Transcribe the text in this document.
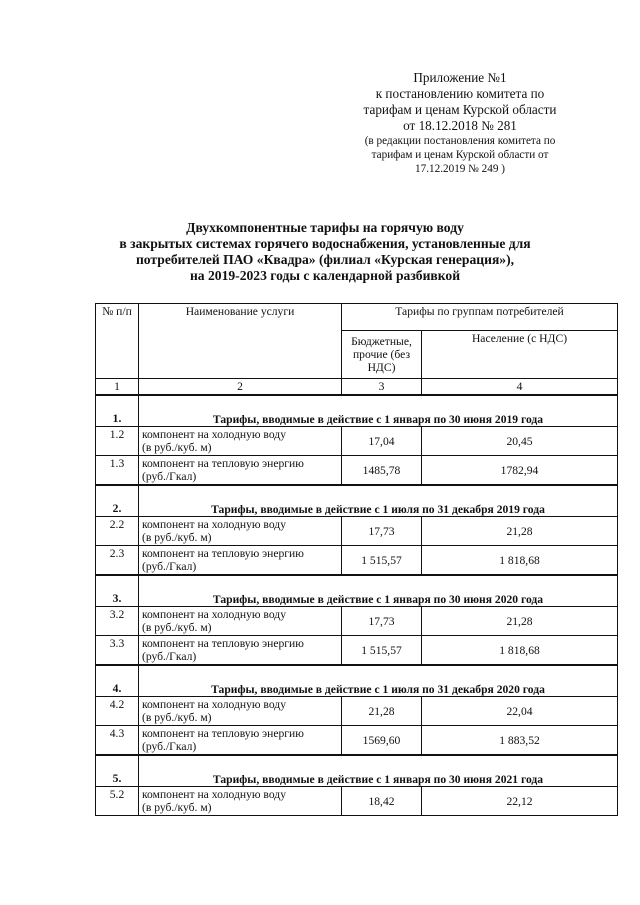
Приложение №1
к постановлению комитета по
тарифам и ценам Курской области
от 18.12.2018 № 281
(в редакции постановления комитета по
тарифам и ценам Курской области от
17.12.2019 № 249 )
Двухкомпонентные тарифы на горячую воду
в закрытых системах горячего водоснабжения, установленные для
потребителей ПАО «Квадра» (филиал «Курская генерация»),
на 2019-2023 годы с календарной разбивкой
№ п/п	Наименование услуги	Тарифы по группам потребителей	
		Бюджетные, прочие (без НДС)	Население (с НДС)
1	2	3	4
1.	Тарифы, вводимые в действие с 1 января по 30 июня 2019 года		
1.2	компонент на холодную воду
(в руб./куб. м)	17,04	20,45
1.3	компонент на тепловую энергию
(руб./Гкал)	1485,78	1782,94
2.	Тарифы, вводимые в действие с 1 июля по 31 декабря 2019 года		
2.2	компонент на холодную воду
(в руб./куб. м)	17,73	21,28
2.3	компонент на тепловую энергию
(руб./Гкал)	1 515,57	1 818,68
3.	Тарифы, вводимые в действие с 1 января по 30 июня 2020 года		
3.2	компонент на холодную воду
(в руб./куб. м)	17,73	21,28
3.3	компонент на тепловую энергию
(руб./Гкал)	1 515,57	1 818,68
4.	Тарифы, вводимые в действие с 1 июля по 31 декабря 2020 года		
4.2	компонент на холодную воду
(в руб./куб. м)	21,28	22,04
4.3	компонент на тепловую энергию
(руб./Гкал)	1569,60	1 883,52
5.	Тарифы, вводимые в действие с 1 января по 30 июня 2021 года		
5.2	компонент на холодную воду
(в руб./куб. м)	18,42	22,12
